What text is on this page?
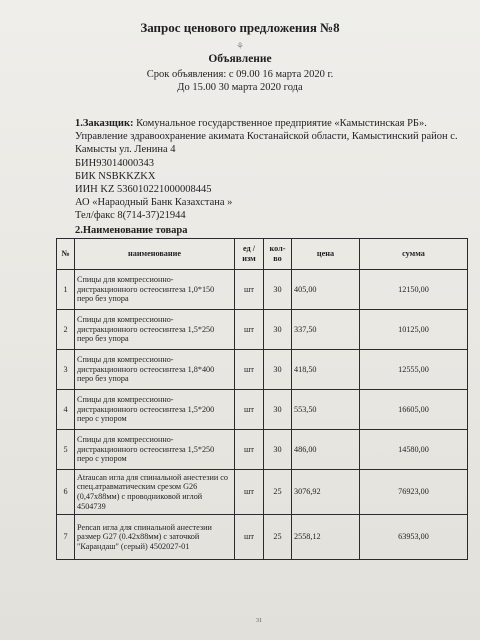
Запрос ценового предложения №8
⚘
Объявление
Срок объявления: с 09.00 16 марта 2020 г.
До 15.00 30 марта 2020 года
1.Заказщик: Комунальное государственное предприятие «Камыстинская РБ». Управление здравоохранение акимата Костанайской области, Камыстинский район с. Камысты ул. Ленина 4
БИН93014000343
БИК NSBKKZKX
ИИН KZ 536010221000008445
АО «Нараодный Банк Казахстана »
Тел/факс 8(714-37)21944
2.Наименование товара
№	наименование	ед /изм	кол-во	цена	сумма
1	Спицы для компрессионно-дистракционного остеосинтеза 1,0*150 перо без упора	шт	30	405,00	12150,00
2	Спицы для компрессионно-дистракционного остеосинтеза 1,5*250 перо без упора	шт	30	337,50	10125,00
3	Спицы для компрессионно-дистракционного остеосинтеза 1,8*400 перо без упора	шт	30	418,50	12555,00
4	Спицы для компрессионно-дистракционного остеосинтеза 1,5*200 перо с упором	шт	30	553,50	16605,00
5	Спицы для компрессионно-дистракционного остеосинтеза 1,5*250 перо с упором	шт	30	486,00	14580,00
6	Atraucan игла для спинальной анестезии со спец.атравматическим срезом G26 (0,47x88мм) с проводниковой иглой 4504739	шт	25	3076,92	76923,00
7	Pencan игла для спинальной анестезии размер G27 (0.42x88мм) с заточкой "Карандаш" (серый) 4502027-01	шт	25	2558,12	63953,00
31
